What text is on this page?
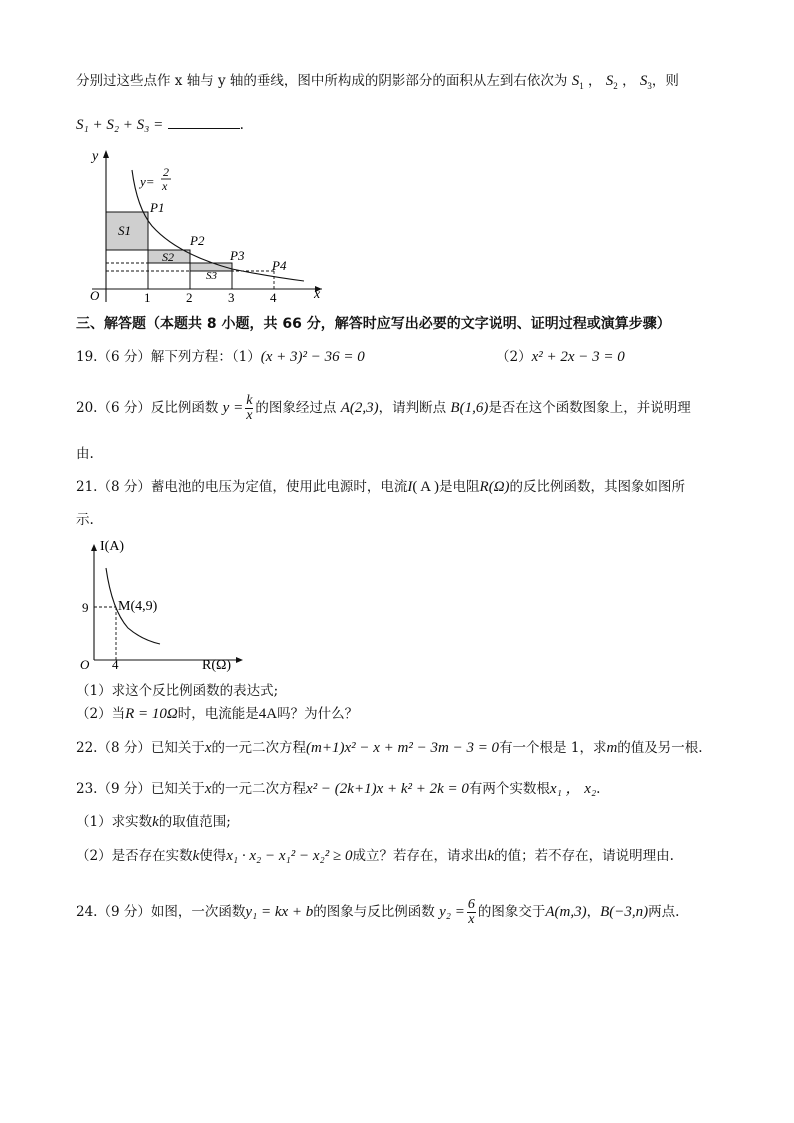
分别过这些点作 x 轴与 y 轴的垂线，图中所构成的阴影部分的面积从左到右依次为 $S_1$ ， $S_2$ ， $S_3$，则
S₁ + S₂ + S₃ =	.
y
x
O
y=
2
x
P1
P2
P3
P4
S1
S2
S3
1	2	3	4
三、解答题（本题共 8 小题，共 66 分，解答时应写出必要的文字说明、证明过程或演算步骤）
19.（6 分）解下列方程：（1）(x + 3)² − 36 = 0	（2）x² + 2x − 3 = 0
20.（6 分）反比例函数 $y = \frac{k}{x}$ 的图象经过点 A(2,3)，请判断点 B(1,6)是否在这个函数图象上，并说明理
由.
21.（8 分）蓄电池的电压为定值，使用此电源时，电流I( A )是电阻R(Ω)的反比例函数，其图象如图所
示.
I(A)
R(Ω)
O
M(4,9)
9
4
（1）求这个反比例函数的表达式;
（2）当R = 10Ω时，电流能是4A吗？为什么？
22.（8 分）已知关于x的一元二次方程(m+1)x² − x + m² − 3m − 3 = 0有一个根是 1，求m的值及另一根.
23.（9 分）已知关于x的一元二次方程x² − (2k+1)x + k² + 2k = 0有两个实数根x₁ ， x₂.
（1）求实数k的取值范围;
（2）是否存在实数k使得x₁ · x₂ − x₁² − x₂² ≥ 0成立？若存在，请求出k的值；若不存在，请说明理由.
24.（9 分）如图，一次函数y₁ = kx + b的图象与反比例函数 $y_2 = \frac{6}{x}$ 的图象交于A(m,3)，B(−3,n)两点.
